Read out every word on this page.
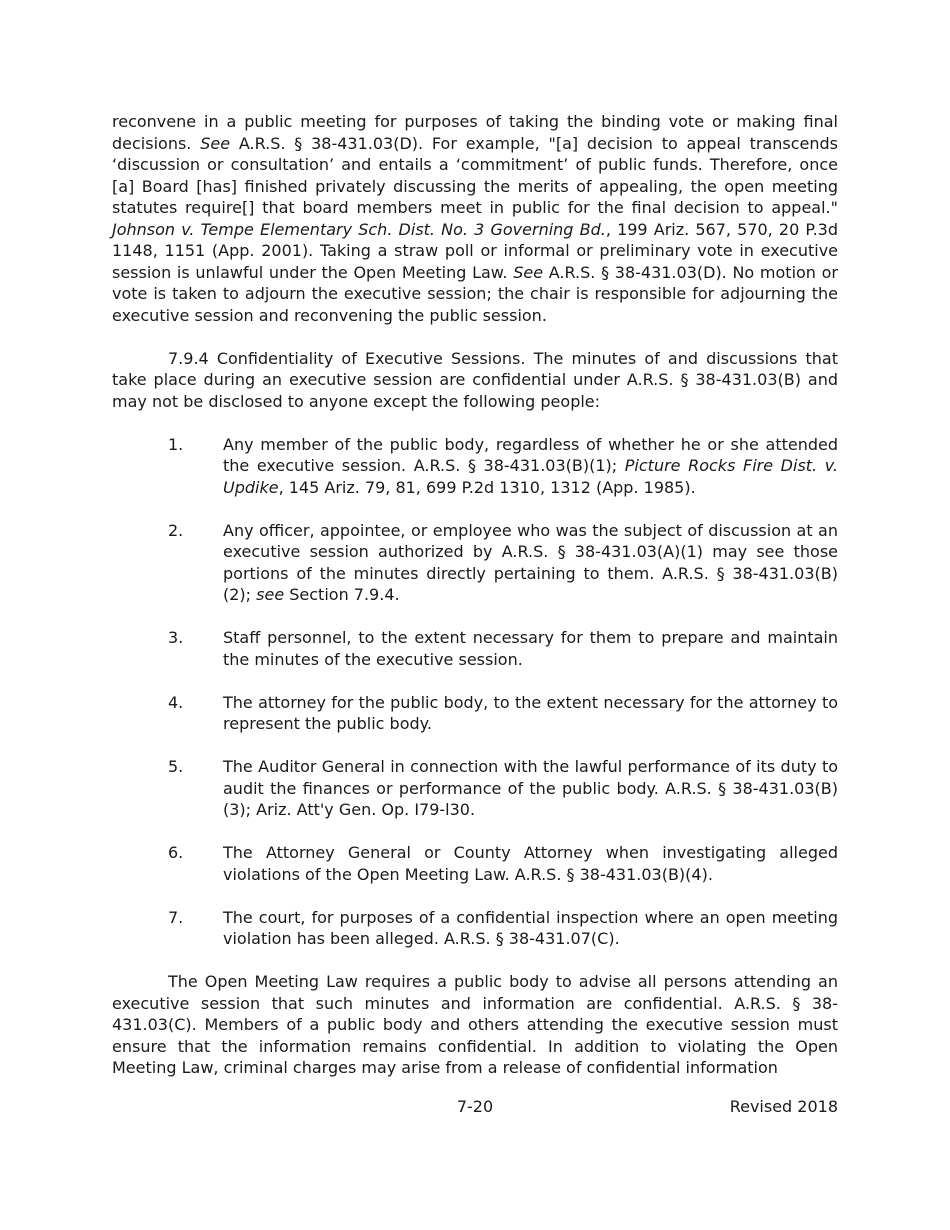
reconvene in a public meeting for purposes of taking the binding vote or making final decisions. See A.R.S. § 38-431.03(D). For example, "[a] decision to appeal transcends ‘discussion or consultation’ and entails a ‘commitment’ of public funds. Therefore, once [a] Board [has] finished privately discussing the merits of appealing, the open meeting statutes require[] that board members meet in public for the final decision to appeal." Johnson v. Tempe Elementary Sch. Dist. No. 3 Governing Bd., 199 Ariz. 567, 570, 20 P.3d 1148, 1151 (App. 2001). Taking a straw poll or informal or preliminary vote in executive session is unlawful under the Open Meeting Law. See A.R.S. § 38-431.03(D). No motion or vote is taken to adjourn the executive session; the chair is responsible for adjourning the executive session and reconvening the public session.

7.9.4 Confidentiality of Executive Sessions. The minutes of and discussions that take place during an executive session are confidential under A.R.S. § 38-431.03(B) and may not be disclosed to anyone except the following people:

1. Any member of the public body, regardless of whether he or she attended the executive session. A.R.S. § 38-431.03(B)(1); Picture Rocks Fire Dist. v. Updike, 145 Ariz. 79, 81, 699 P.2d 1310, 1312 (App. 1985).
2. Any officer, appointee, or employee who was the subject of discussion at an executive session authorized by A.R.S. § 38-431.03(A)(1) may see those portions of the minutes directly pertaining to them. A.R.S. § 38-431.03(B)(2); see Section 7.9.4.
3. Staff personnel, to the extent necessary for them to prepare and maintain the minutes of the executive session.
4. The attorney for the public body, to the extent necessary for the attorney to represent the public body.
5. The Auditor General in connection with the lawful performance of its duty to audit the finances or performance of the public body. A.R.S. § 38-431.03(B)(3); Ariz. Att'y Gen. Op. I79-l30.
6. The Attorney General or County Attorney when investigating alleged violations of the Open Meeting Law. A.R.S. § 38-431.03(B)(4).
7. The court, for purposes of a confidential inspection where an open meeting violation has been alleged. A.R.S. § 38-431.07(C).

The Open Meeting Law requires a public body to advise all persons attending an executive session that such minutes and information are confidential. A.R.S. § 38-431.03(C). Members of a public body and others attending the executive session must ensure that the information remains confidential. In addition to violating the Open Meeting Law, criminal charges may arise from a release of confidential information

7-20	Revised 2018
